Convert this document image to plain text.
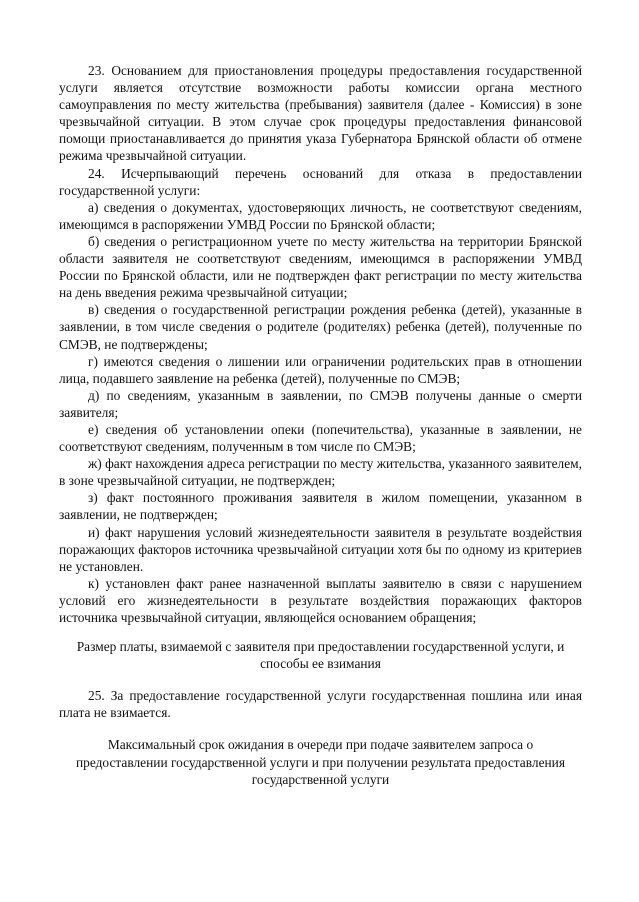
23. Основанием для приостановления процедуры предоставления государственной услуги является отсутствие возможности работы комиссии органа местного самоуправления по месту жительства (пребывания) заявителя (далее - Комиссия) в зоне чрезвычайной ситуации. В этом случае срок процедуры предоставления финансовой помощи приостанавливается до принятия указа Губернатора Брянской области об отмене режима чрезвычайной ситуации.

24. Исчерпывающий перечень оснований для отказа в предоставлении государственной услуги:

а) сведения о документах, удостоверяющих личность, не соответствуют сведениям, имеющимся в распоряжении УМВД России по Брянской области;

б) сведения о регистрационном учете по месту жительства на территории Брянской области заявителя не соответствуют сведениям, имеющимся в распоряжении УМВД России по Брянской области, или не подтвержден факт регистрации по месту жительства на день введения режима чрезвычайной ситуации;

в) сведения о государственной регистрации рождения ребенка (детей), указанные в заявлении, в том числе сведения о родителе (родителях) ребенка (детей), полученные по СМЭВ, не подтверждены;

г) имеются сведения о лишении или ограничении родительских прав в отношении лица, подавшего заявление на ребенка (детей), полученные по СМЭВ;

д) по сведениям, указанным в заявлении, по СМЭВ получены данные о смерти заявителя;

е) сведения об установлении опеки (попечительства), указанные в заявлении, не соответствуют сведениям, полученным в том числе по СМЭВ;

ж) факт нахождения адреса регистрации по месту жительства, указанного заявителем, в зоне чрезвычайной ситуации, не подтвержден;

з) факт постоянного проживания заявителя в жилом помещении, указанном в заявлении, не подтвержден;

и) факт нарушения условий жизнедеятельности заявителя в результате воздействия поражающих факторов источника чрезвычайной ситуации хотя бы по одному из критериев не установлен.

к) установлен факт ранее назначенной выплаты заявителю в связи с нарушением условий его жизнедеятельности в результате воздействия поражающих факторов источника чрезвычайной ситуации, являющейся основанием обращения;

Размер платы, взимаемой с заявителя при предоставлении государственной услуги, и способы ее взимания

25. За предоставление государственной услуги государственная пошлина или иная плата не взимается.

Максимальный срок ожидания в очереди при подаче заявителем запроса о предоставлении государственной услуги и при получении результата предоставления государственной услуги
